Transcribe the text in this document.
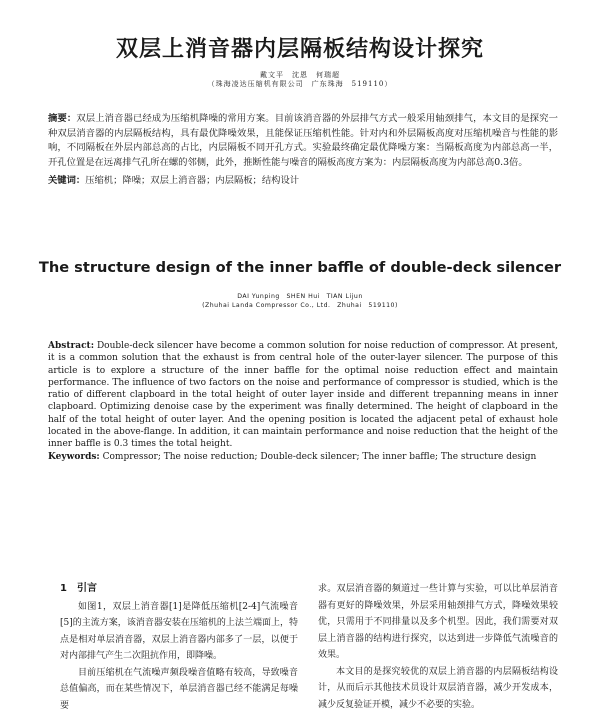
双层上消音器内层隔板结构设计探究
戴文平　沈恩　何瑞超
（珠海凌达压缩机有限公司　广东珠海　519110）
摘要：双层上消音器已经成为压缩机降噪的常用方案。目前该消音器的外层排气方式一般采用轴颈排气，本文目的是探究一种双层消音器的内层隔板结构，具有最优降噪效果，且能保证压缩机性能。针对内和外层隔板高度对压缩机噪音与性能的影响，不同隔板在外层内部总高的占比，内层隔板不同开孔方式。实验最终确定最优降噪方案：当隔板高度为内部总高一半，开孔位置是在远离排气孔所在螺的邻侧，此外，推断性能与噪音的隔板高度方案为：内层隔板高度为内部总高0.3倍。
关键词：压缩机；降噪；双层上消音器；内层隔板；结构设计
The structure design of the inner baffle of double-deck silencer
DAI Yunping　SHEN Hui　TIAN Lijun
(Zhuhai Landa Compressor Co., Ltd.　Zhuhai　519110)
Abstract: Double-deck silencer have become a common solution for noise reduction of compressor. At present, it is a common solution that the exhaust is from central hole of the outer-layer silencer. The purpose of this article is to explore a structure of the inner baffle for the optimal noise reduction effect and maintain performance. The influence of two factors on the noise and performance of compressor is studied, which is the ratio of different clapboard in the total height of outer layer inside and different trepanning means in inner clapboard. Optimizing denoise case by the experiment was finally determined. The height of clapboard in the half of the total height of outer layer. And the opening position is located the adjacent petal of exhaust hole located in the above-flange. In addition, it can maintain performance and noise reduction that the height of the inner baffle is 0.3 times the total height.
Keywords: Compressor; The noise reduction; Double-deck silencer; The inner baffle; The structure design
1　引言

如图1，双层上消音器[1]是降低压缩机[2-4]气流噪音[5]的主流方案，该消音器安装在压缩机的上法兰端面上，特点是相对单层消音器，双层上消音器内部多了一层，以便于对内部排气产生二次阻抗作用，即降噪。

目前压缩机在气流噪声频段噪音值略有较高，导致噪音总值偏高，而在某些情况下，单层消音器已经不能满足每噪要

求。双层消音器的频道过一些计算与实验，可以比单层消音器有更好的降噪效果，外层采用轴颈排气方式，降噪效果较优，只需用于不同排量以及多个机型。因此，我们需要对双层上消音器的结构进行探究，以达到进一步降低气流噪音的效果。

本文目的是探究较优的双层上消音器的内层隔板结构设计，从而后示其他技术员设计双层消音器，减少开发成本，减少反复验证开模，减少不必要的实验。
